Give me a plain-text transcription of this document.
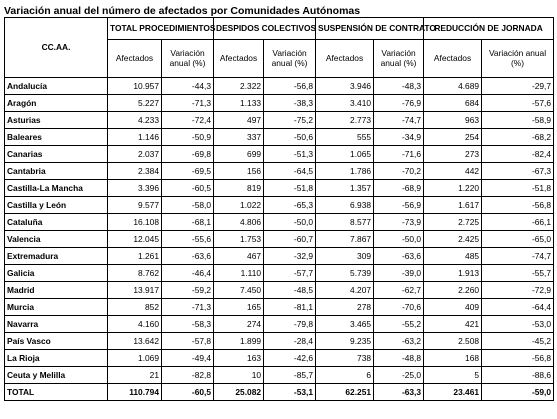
Variación anual del número de afectados por Comunidades Autónomas
CC.AA.	TOTAL PROCEDIMIENTOS		DESPIDOS COLECTIVOS		SUSPENSIÓN DE CONTRATO		REDUCCIÓN DE JORNADA	
	Afectados	Variación anual (%)	Afectados	Variación anual (%)	Afectados	Variación anual (%)	Afectados	Variación anual (%)
Andalucía	10.957	-44,3	2.322	-56,8	3.946	-48,3	4.689	-29,7
Aragón	5.227	-71,3	1.133	-38,3	3.410	-76,9	684	-57,6
Asturias	4.233	-72,4	497	-75,2	2.773	-74,7	963	-58,9
Baleares	1.146	-50,9	337	-50,6	555	-34,9	254	-68,2
Canarias	2.037	-69,8	699	-51,3	1.065	-71,6	273	-82,4
Cantabria	2.384	-69,5	156	-64,5	1.786	-70,2	442	-67,3
Castilla-La Mancha	3.396	-60,5	819	-51,8	1.357	-68,9	1.220	-51,8
Castilla y León	9.577	-58,0	1.022	-65,3	6.938	-56,9	1.617	-56,8
Cataluña	16.108	-68,1	4.806	-50,0	8.577	-73,9	2.725	-66,1
Valencia	12.045	-55,6	1.753	-60,7	7.867	-50,0	2.425	-65,0
Extremadura	1.261	-63,6	467	-32,9	309	-63,6	485	-74,7
Galicia	8.762	-46,4	1.110	-57,7	5.739	-39,0	1.913	-55,7
Madrid	13.917	-59,2	7.450	-48,5	4.207	-62,7	2.260	-72,9
Murcia	852	-71,3	165	-81,1	278	-70,6	409	-64,4
Navarra	4.160	-58,3	274	-79,8	3.465	-55,2	421	-53,0
País Vasco	13.642	-57,8	1.899	-28,4	9.235	-63,2	2.508	-45,2
La Rioja	1.069	-49,4	163	-42,6	738	-48,8	168	-56,8
Ceuta y Melilla	21	-82,8	10	-85,7	6	-25,0	5	-88,6
TOTAL	110.794	-60,5	25.082	-53,1	62.251	-63,3	23.461	-59,0
